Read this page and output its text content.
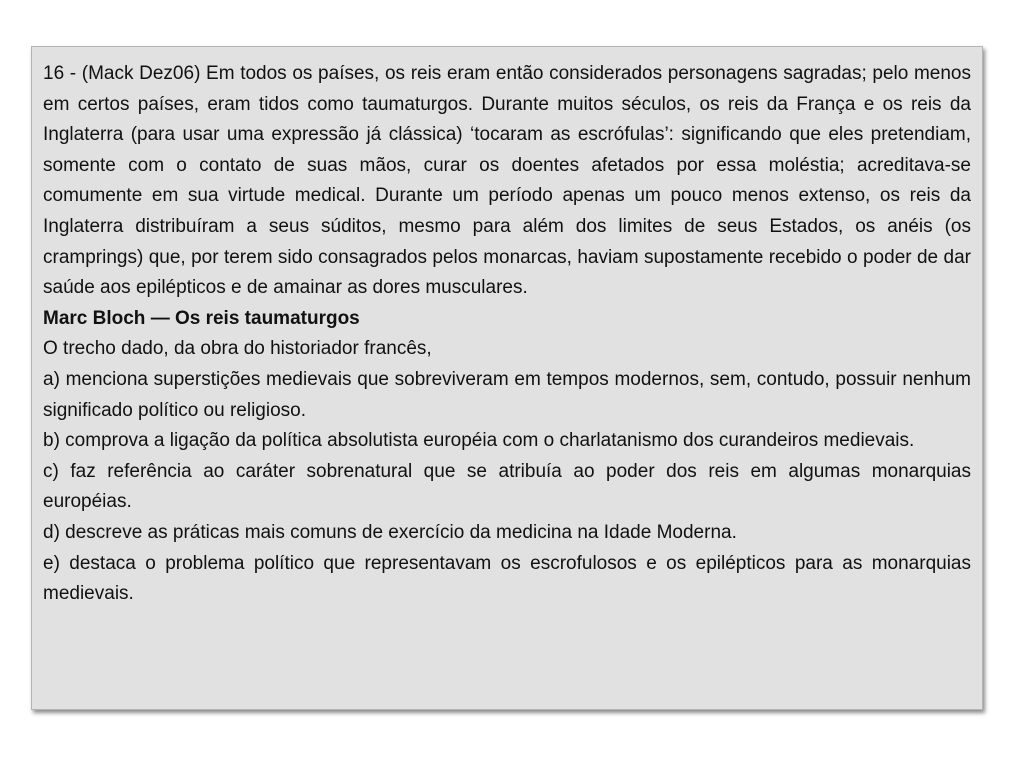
16 - (Mack Dez06) Em todos os países, os reis eram então considerados personagens sagradas; pelo menos em certos países, eram tidos como taumaturgos. Durante muitos séculos, os reis da França e os reis da Inglaterra (para usar uma expressão já clássica) ‘tocaram as escrófulas’: significando que eles pretendiam, somente com o contato de suas mãos, curar os doentes afetados por essa moléstia; acreditava-se comumente em sua virtude medical. Durante um período apenas um pouco menos extenso, os reis da Inglaterra distribuíram a seus súditos, mesmo para além dos limites de seus Estados, os anéis (os cramprings) que, por terem sido consagrados pelos monarcas, haviam supostamente recebido o poder de dar saúde aos epilépticos e de amainar as dores musculares.

Marc Bloch — Os reis taumaturgos

O trecho dado, da obra do historiador francês,

a) menciona superstições medievais que sobreviveram em tempos modernos, sem, contudo, possuir nenhum significado político ou religioso.

b) comprova a ligação da política absolutista européia com o charlatanismo dos curandeiros medievais.

c) faz referência ao caráter sobrenatural que se atribuía ao poder dos reis em algumas monarquias européias.

d) descreve as práticas mais comuns de exercício da medicina na Idade Moderna.

e) destaca o problema político que representavam os escrofulosos e os epilépticos para as monarquias medievais.
